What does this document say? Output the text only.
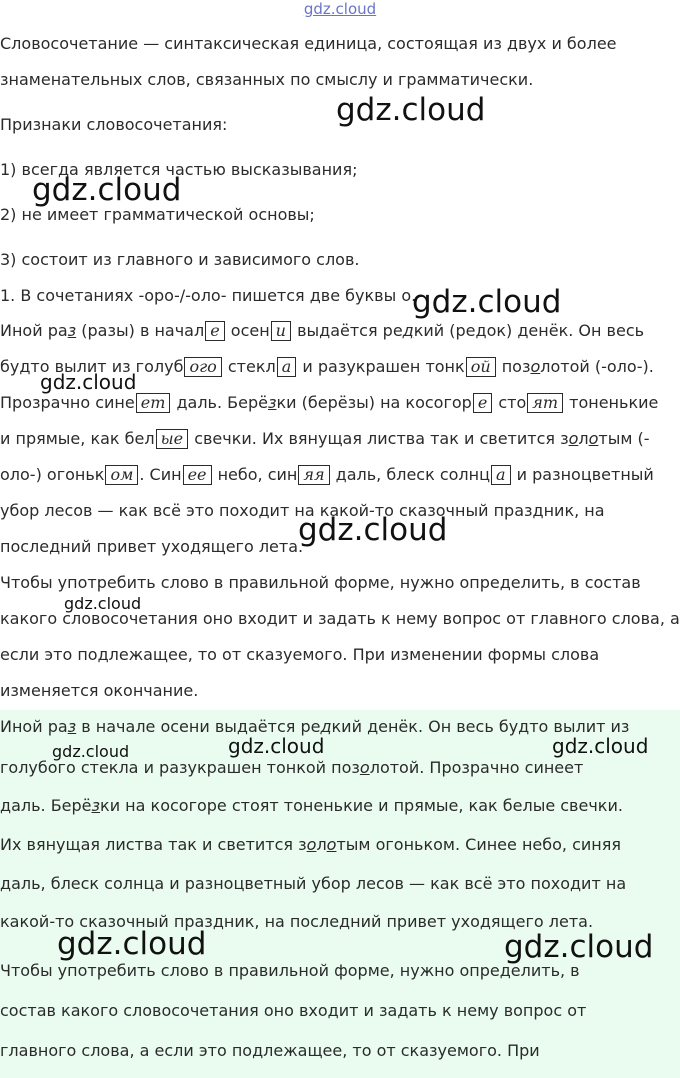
gdz.cloud
Словосочетание — синтаксическая единица, состоящая из двух и более
знаменательных слов, связанных по смыслу и грамматически.
Признаки словосочетания:
1) всегда является частью высказывания;
2) не имеет грамматической основы;
3) состоит из главного и зависимого слов.
1. В сочетаниях -оро-/-оло- пишется две буквы о.
Иной раз (разы) в начал е осен и выдаётся редкий (редок) денёк. Он весь
будто вылит из голуб ого стекл а и разукрашен тонк ой позолотой (-оло-).
Прозрачно сине ет даль. Берёзки (берёзы) на косогор е сто ят тоненькие
и прямые, как бел ые свечки. Их вянущая листва так и светится золотым (-
оло-) огоньк ом . Син ее небо, син яя даль, блеск солнц а и разноцветный
убор лесов — как всё это походит на какой-то сказочный праздник, на
последний привет уходящего лета.
Чтобы употребить слово в правильной форме, нужно определить, в состав
какого словосочетания оно входит и задать к нему вопрос от главного слова, а
если это подлежащее, то от сказуемого. При изменении формы слова
изменяется окончание.
Иной раз в начале осени выдаётся редкий денёк. Он весь будто вылит из
голубого стекла и разукрашен тонкой позолотой. Прозрачно синеет
даль. Берёзки на косогоре стоят тоненькие и прямые, как белые свечки.
Их вянущая листва так и светится золотым огоньком. Синее небо, синяя
даль, блеск солнца и разноцветный убор лесов — как всё это походит на
какой-то сказочный праздник, на последний привет уходящего лета.
Чтобы употребить слово в правильной форме, нужно определить, в
состав какого словосочетания оно входит и задать к нему вопрос от
главного слова, а если это подлежащее, то от сказуемого. При
gdz.cloud
gdz.cloud
gdz.cloud
gdz.cloud
gdz.cloud
gdz.cloud
gdz.cloud	gdz.cloud	gdz.cloud
gdz.cloud	gdz.cloud
